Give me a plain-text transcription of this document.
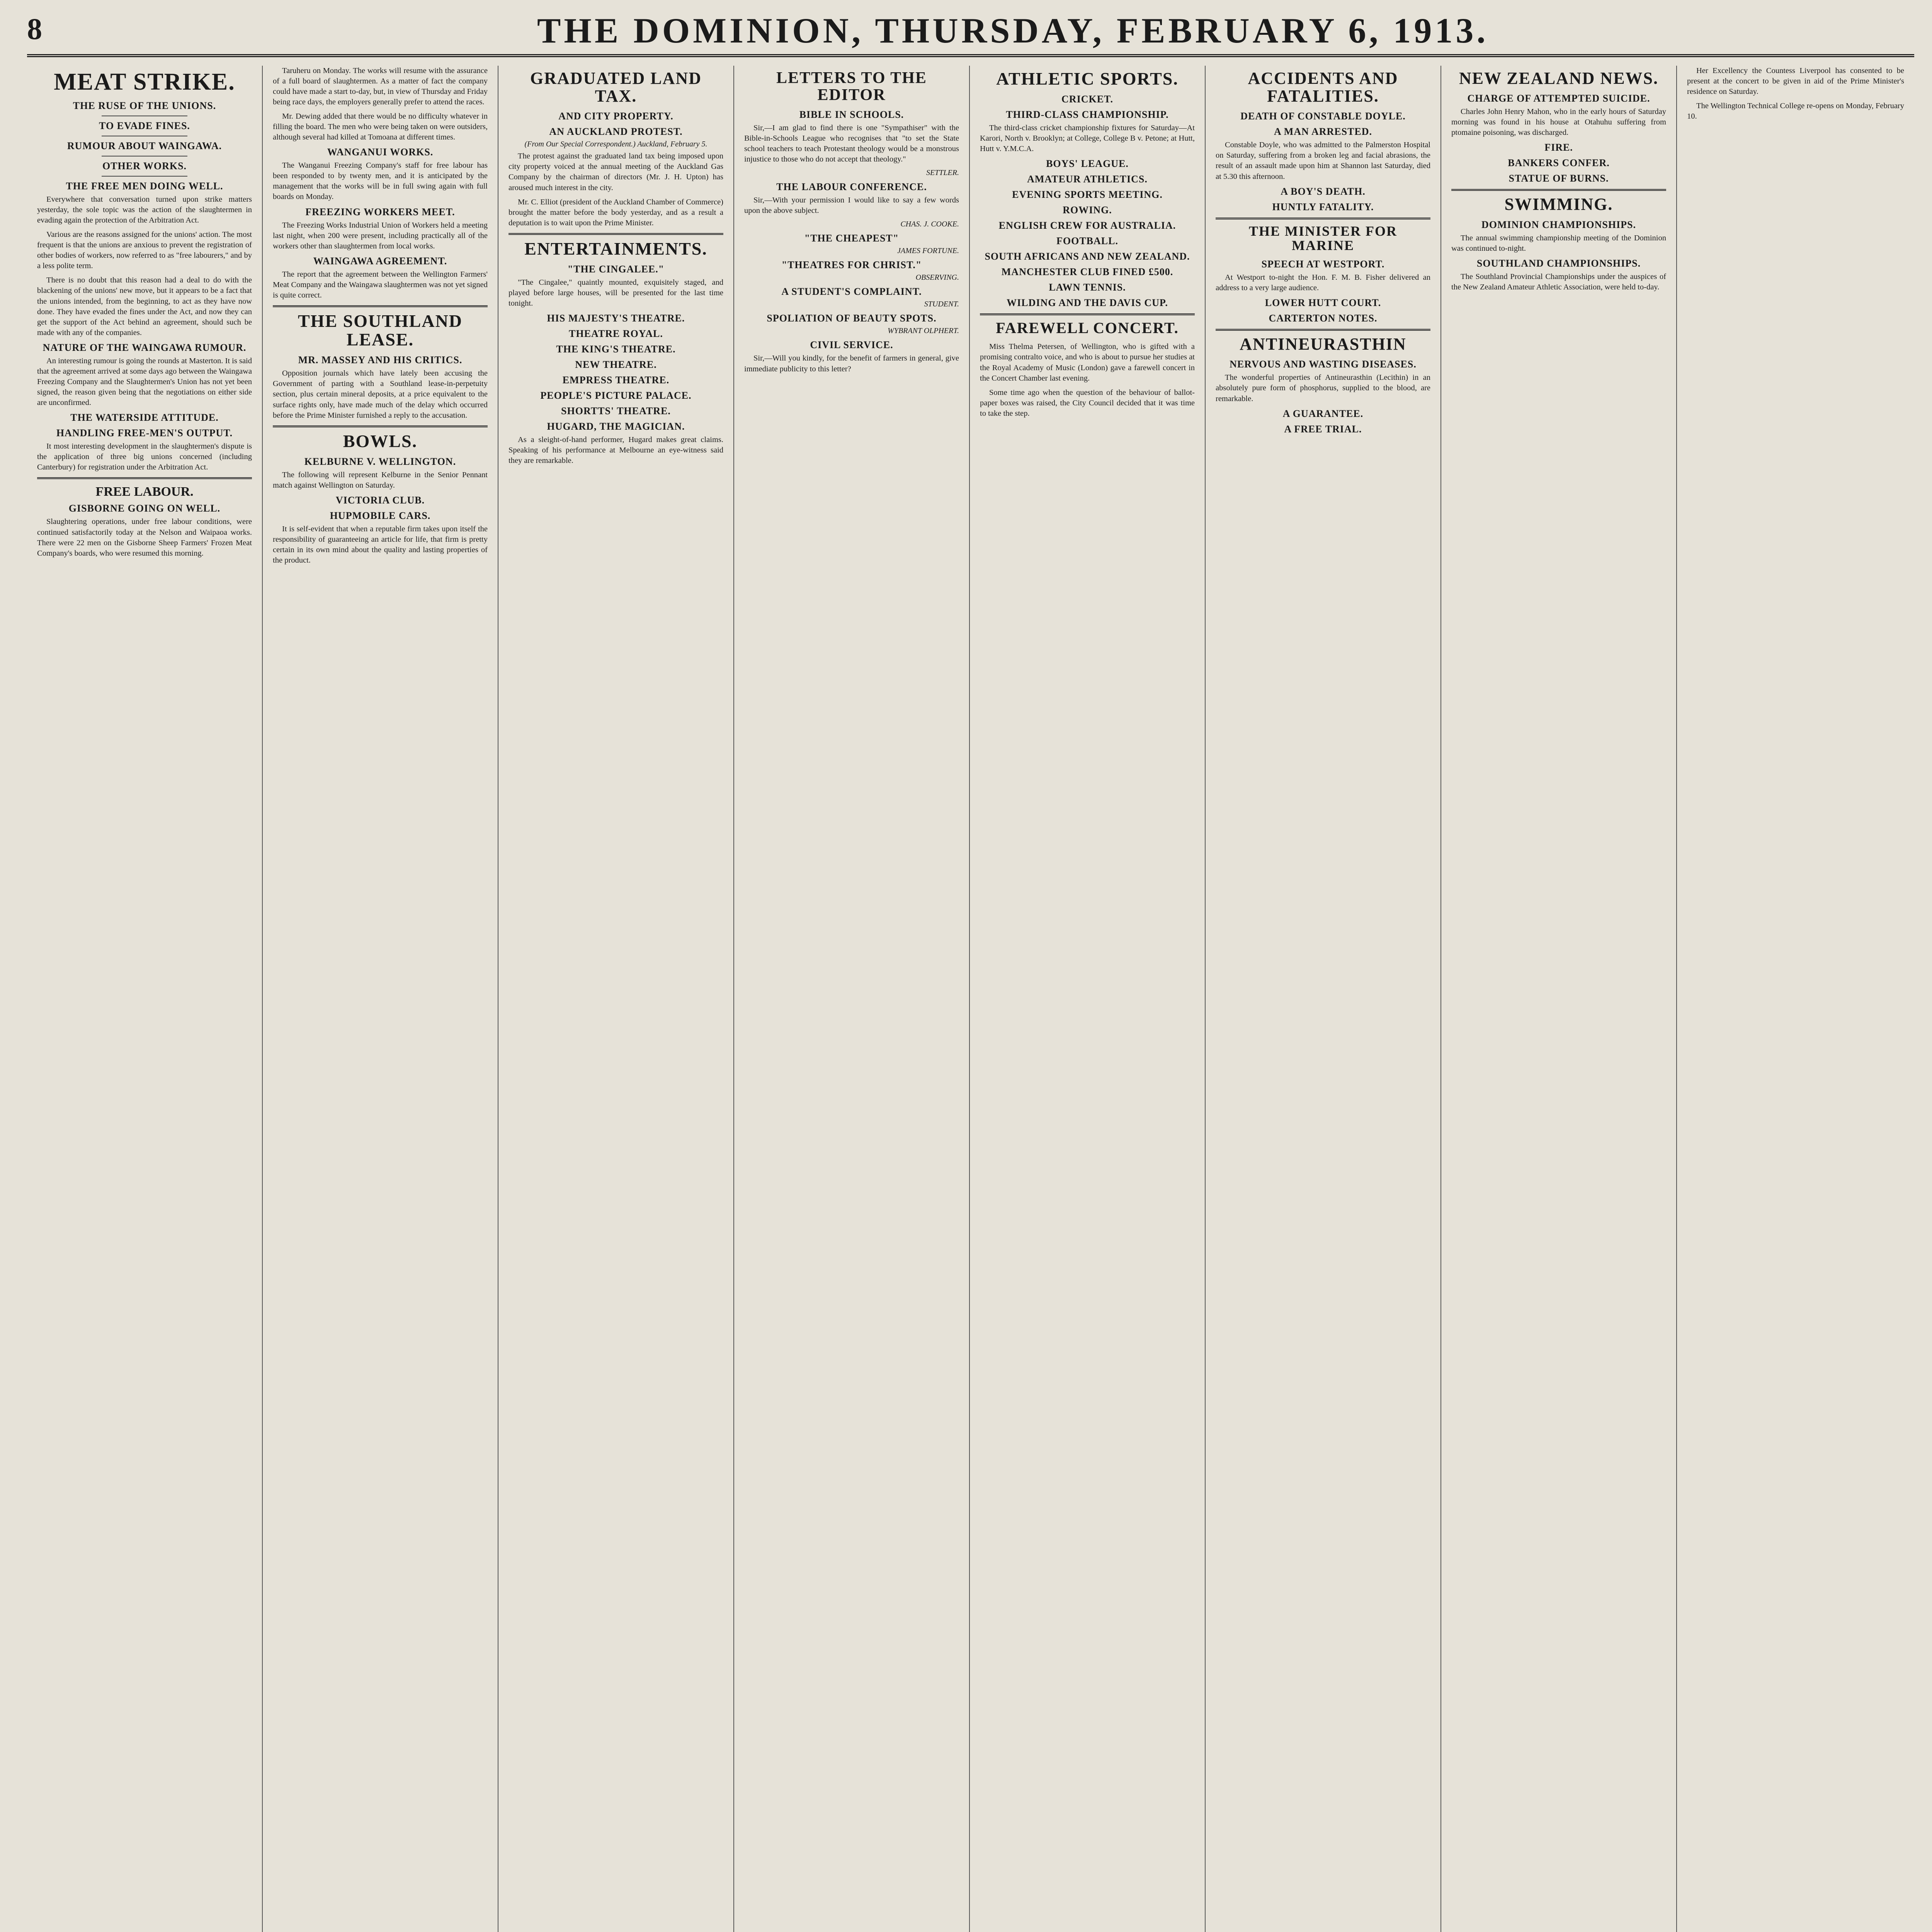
8	THE DOMINION, THURSDAY, FEBRUARY 6, 1913.
MEAT STRIKE.
THE RUSE OF THE UNIONS.
TO EVADE FINES.
RUMOUR ABOUT WAINGAWA.
OTHER WORKS.
THE FREE MEN DOING WELL.

Everywhere that conversation turned upon strike matters yesterday, the sole topic was the action of the slaughtermen in evading again the protection of the Arbitration Act.

Various are the reasons assigned for the unions' action. The most frequent is that the unions are anxious to prevent the registration of other bodies of workers, now referred to as "free labourers," and by a less polite term.

There is no doubt that this reason had a deal to do with the blackening of the unions' new move, but it appears to be a fact that the unions intended, from the beginning, to act as they have now done. They have evaded the fines under the Act, and now they can get the support of the Act behind an agreement, should such be made with any of the companies.

NATURE OF THE WAINGAWA RUMOUR.

An interesting rumour is going the rounds at Masterton. It is said that the agreement arrived at some days ago between the Waingawa Freezing Company and the Slaughtermen's Union has not yet been signed, the reason given being that the negotiations on either side are unconfirmed.

THE WATERSIDE ATTITUDE.
HANDLING FREE-MEN'S OUTPUT.

It most interesting development in the slaughtermen's dispute is the application of three big unions concerned (including Canterbury) for registration under the Arbitration Act.

FREE LABOUR.
GISBORNE GOING ON WELL.

Slaughtering operations, under free labour conditions, were continued satisfactorily today at the Nelson and Waipaoa works. There were 22 men on the Gisborne Sheep Farmers' Frozen Meat Company's boards, who were resumed this morning.

Taruheru on Monday. The works will resume with the assurance of a full board of slaughtermen. As a matter of fact the company could have made a start to-day, but, in view of Thursday and Friday being race days, the employers generally prefer to attend the races.

Mr. Dewing added that there would be no difficulty whatever in filling the board. The men who were being taken on were outsiders, although several had killed at Tomoana at different times.

WANGANUI WORKS.

The Wanganui Freezing Company's staff for free labour has been responded to by twenty men, and it is anticipated by the management that the works will be in full swing again with full boards on Monday.

FREEZING WORKERS MEET.

The Freezing Works Industrial Union of Workers held a meeting last night, when 200 were present, including practically all of the workers other than slaughtermen from local works.

WAINGAWA AGREEMENT.

The report that the agreement between the Wellington Farmers' Meat Company and the Waingawa slaughtermen was not yet signed is quite correct.

THE SOUTHLAND LEASE.
MR. MASSEY AND HIS CRITICS.

Opposition journals which have lately been accusing the Government of parting with a Southland lease-in-perpetuity section, plus certain mineral deposits, at a price equivalent to the surface rights only, have made much of the delay which occurred before the Prime Minister furnished a reply to the accusation.

BOWLS.
KELBURNE V. WELLINGTON.

The following will represent Kelburne in the Senior Pennant match against Wellington on Saturday.

VICTORIA CLUB.
HUPMOBILE CARS.

It is self-evident that when a reputable firm takes upon itself the responsibility of guaranteeing an article for life, that firm is pretty certain in its own mind about the quality and lasting properties of the product.

GRADUATED LAND TAX.
AND CITY PROPERTY.
AN AUCKLAND PROTEST.
(From Our Special Correspondent.) Auckland, February 5.

The protest against the graduated land tax being imposed upon city property voiced at the annual meeting of the Auckland Gas Company by the chairman of directors (Mr. J. H. Upton) has aroused much interest in the city.

Mr. C. Elliot (president of the Auckland Chamber of Commerce) brought the matter before the body yesterday, and as a result a deputation is to wait upon the Prime Minister.

ENTERTAINMENTS.
"THE CINGALEE."

"The Cingalee," quaintly mounted, exquisitely staged, and played before large houses, will be presented for the last time tonight.

HIS MAJESTY'S THEATRE.
THEATRE ROYAL.
THE KING'S THEATRE.
NEW THEATRE.
EMPRESS THEATRE.
PEOPLE'S PICTURE PALACE.
SHORTTS' THEATRE.
HUGARD, THE MAGICIAN.

As a sleight-of-hand performer, Hugard makes great claims. Speaking of his performance at Melbourne an eye-witness said they are remarkable.

LETTERS TO THE EDITOR
BIBLE IN SCHOOLS.

Sir,—I am glad to find there is one "Sympathiser" with the Bible-in-Schools League who recognises that "to set the State school teachers to teach Protestant theology would be a monstrous injustice to those who do not accept that theology."

SETTLER.
THE LABOUR CONFERENCE.

Sir,—With your permission I would like to say a few words upon the above subject.

CHAS. J. COOKE.
"THE CHEAPEST"
JAMES FORTUNE.
"THEATRES FOR CHRIST."
OBSERVING.
A STUDENT'S COMPLAINT.
STUDENT.
SPOLIATION OF BEAUTY SPOTS.
WYBRANT OLPHERT.
CIVIL SERVICE.

Sir,—Will you kindly, for the benefit of farmers in general, give immediate publicity to this letter?

ATHLETIC SPORTS.
CRICKET.
THIRD-CLASS CHAMPIONSHIP.

The third-class cricket championship fixtures for Saturday—At Karori, North v. Brooklyn; at College, College B v. Petone; at Hutt, Hutt v. Y.M.C.A.

BOYS' LEAGUE.
AMATEUR ATHLETICS.
EVENING SPORTS MEETING.
ROWING.
ENGLISH CREW FOR AUSTRALIA.
FOOTBALL.
SOUTH AFRICANS AND NEW ZEALAND.
MANCHESTER CLUB FINED £500.
LAWN TENNIS.
WILDING AND THE DAVIS CUP.
FAREWELL CONCERT.

Miss Thelma Petersen, of Wellington, who is gifted with a promising contralto voice, and who is about to pursue her studies at the Royal Academy of Music (London) gave a farewell concert in the Concert Chamber last evening.

Some time ago when the question of the behaviour of ballot-paper boxes was raised, the City Council decided that it was time to take the step.

ACCIDENTS AND FATALITIES.
DEATH OF CONSTABLE DOYLE.
A MAN ARRESTED.

Constable Doyle, who was admitted to the Palmerston Hospital on Saturday, suffering from a broken leg and facial abrasions, the result of an assault made upon him at Shannon last Saturday, died at 5.30 this afternoon.

A BOY'S DEATH.
HUNTLY FATALITY.
THE MINISTER FOR MARINE
SPEECH AT WESTPORT.

At Westport to-night the Hon. F. M. B. Fisher delivered an address to a very large audience.

LOWER HUTT COURT.
CARTERTON NOTES.
ANTINEURASTHIN
NERVOUS AND WASTING DISEASES.

The wonderful properties of Antineurasthin (Lecithin) in an absolutely pure form of phosphorus, supplied to the blood, are remarkable.

A GUARANTEE.
A FREE TRIAL.
NEW ZEALAND NEWS.
CHARGE OF ATTEMPTED SUICIDE.

Charles John Henry Mahon, who in the early hours of Saturday morning was found in his house at Otahuhu suffering from ptomaine poisoning, was discharged.

FIRE.
BANKERS CONFER.
STATUE OF BURNS.
SWIMMING.
DOMINION CHAMPIONSHIPS.

The annual swimming championship meeting of the Dominion was continued to-night.

SOUTHLAND CHAMPIONSHIPS.

The Southland Provincial Championships under the auspices of the New Zealand Amateur Athletic Association, were held to-day.

Her Excellency the Countess Liverpool has consented to be present at the concert to be given in aid of the Prime Minister's residence on Saturday.

The Wellington Technical College re-opens on Monday, February 10.
